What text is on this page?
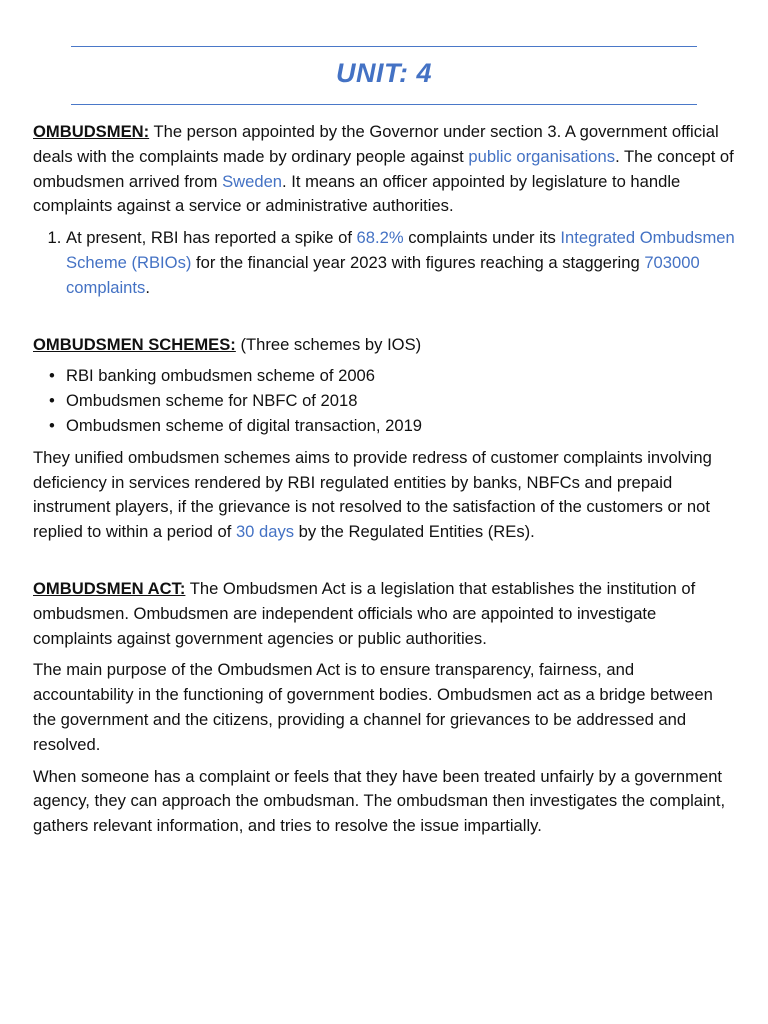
UNIT: 4

OMBUDSMEN: The person appointed by the Governor under section 3. A government official deals with the complaints made by ordinary people against public organisations. The concept of ombudsmen arrived from Sweden. It means an officer appointed by legislature to handle complaints against a service or administrative authorities.

1. At present, RBI has reported a spike of 68.2% complaints under its Integrated Ombudsmen Scheme (RBIOs) for the financial year 2023 with figures reaching a staggering 703000 complaints.

OMBUDSMEN SCHEMES: (Three schemes by IOS)

• RBI banking ombudsmen scheme of 2006
• Ombudsmen scheme for NBFC of 2018
• Ombudsmen scheme of digital transaction, 2019

They unified ombudsmen schemes aims to provide redress of customer complaints involving deficiency in services rendered by RBI regulated entities by banks, NBFCs and prepaid instrument players, if the grievance is not resolved to the satisfaction of the customers or not replied to within a period of 30 days by the Regulated Entities (REs).

OMBUDSMEN ACT: The Ombudsmen Act is a legislation that establishes the institution of ombudsmen. Ombudsmen are independent officials who are appointed to investigate complaints against government agencies or public authorities.

The main purpose of the Ombudsmen Act is to ensure transparency, fairness, and accountability in the functioning of government bodies. Ombudsmen act as a bridge between the government and the citizens, providing a channel for grievances to be addressed and resolved.

When someone has a complaint or feels that they have been treated unfairly by a government agency, they can approach the ombudsman. The ombudsman then investigates the complaint, gathers relevant information, and tries to resolve the issue impartially.
